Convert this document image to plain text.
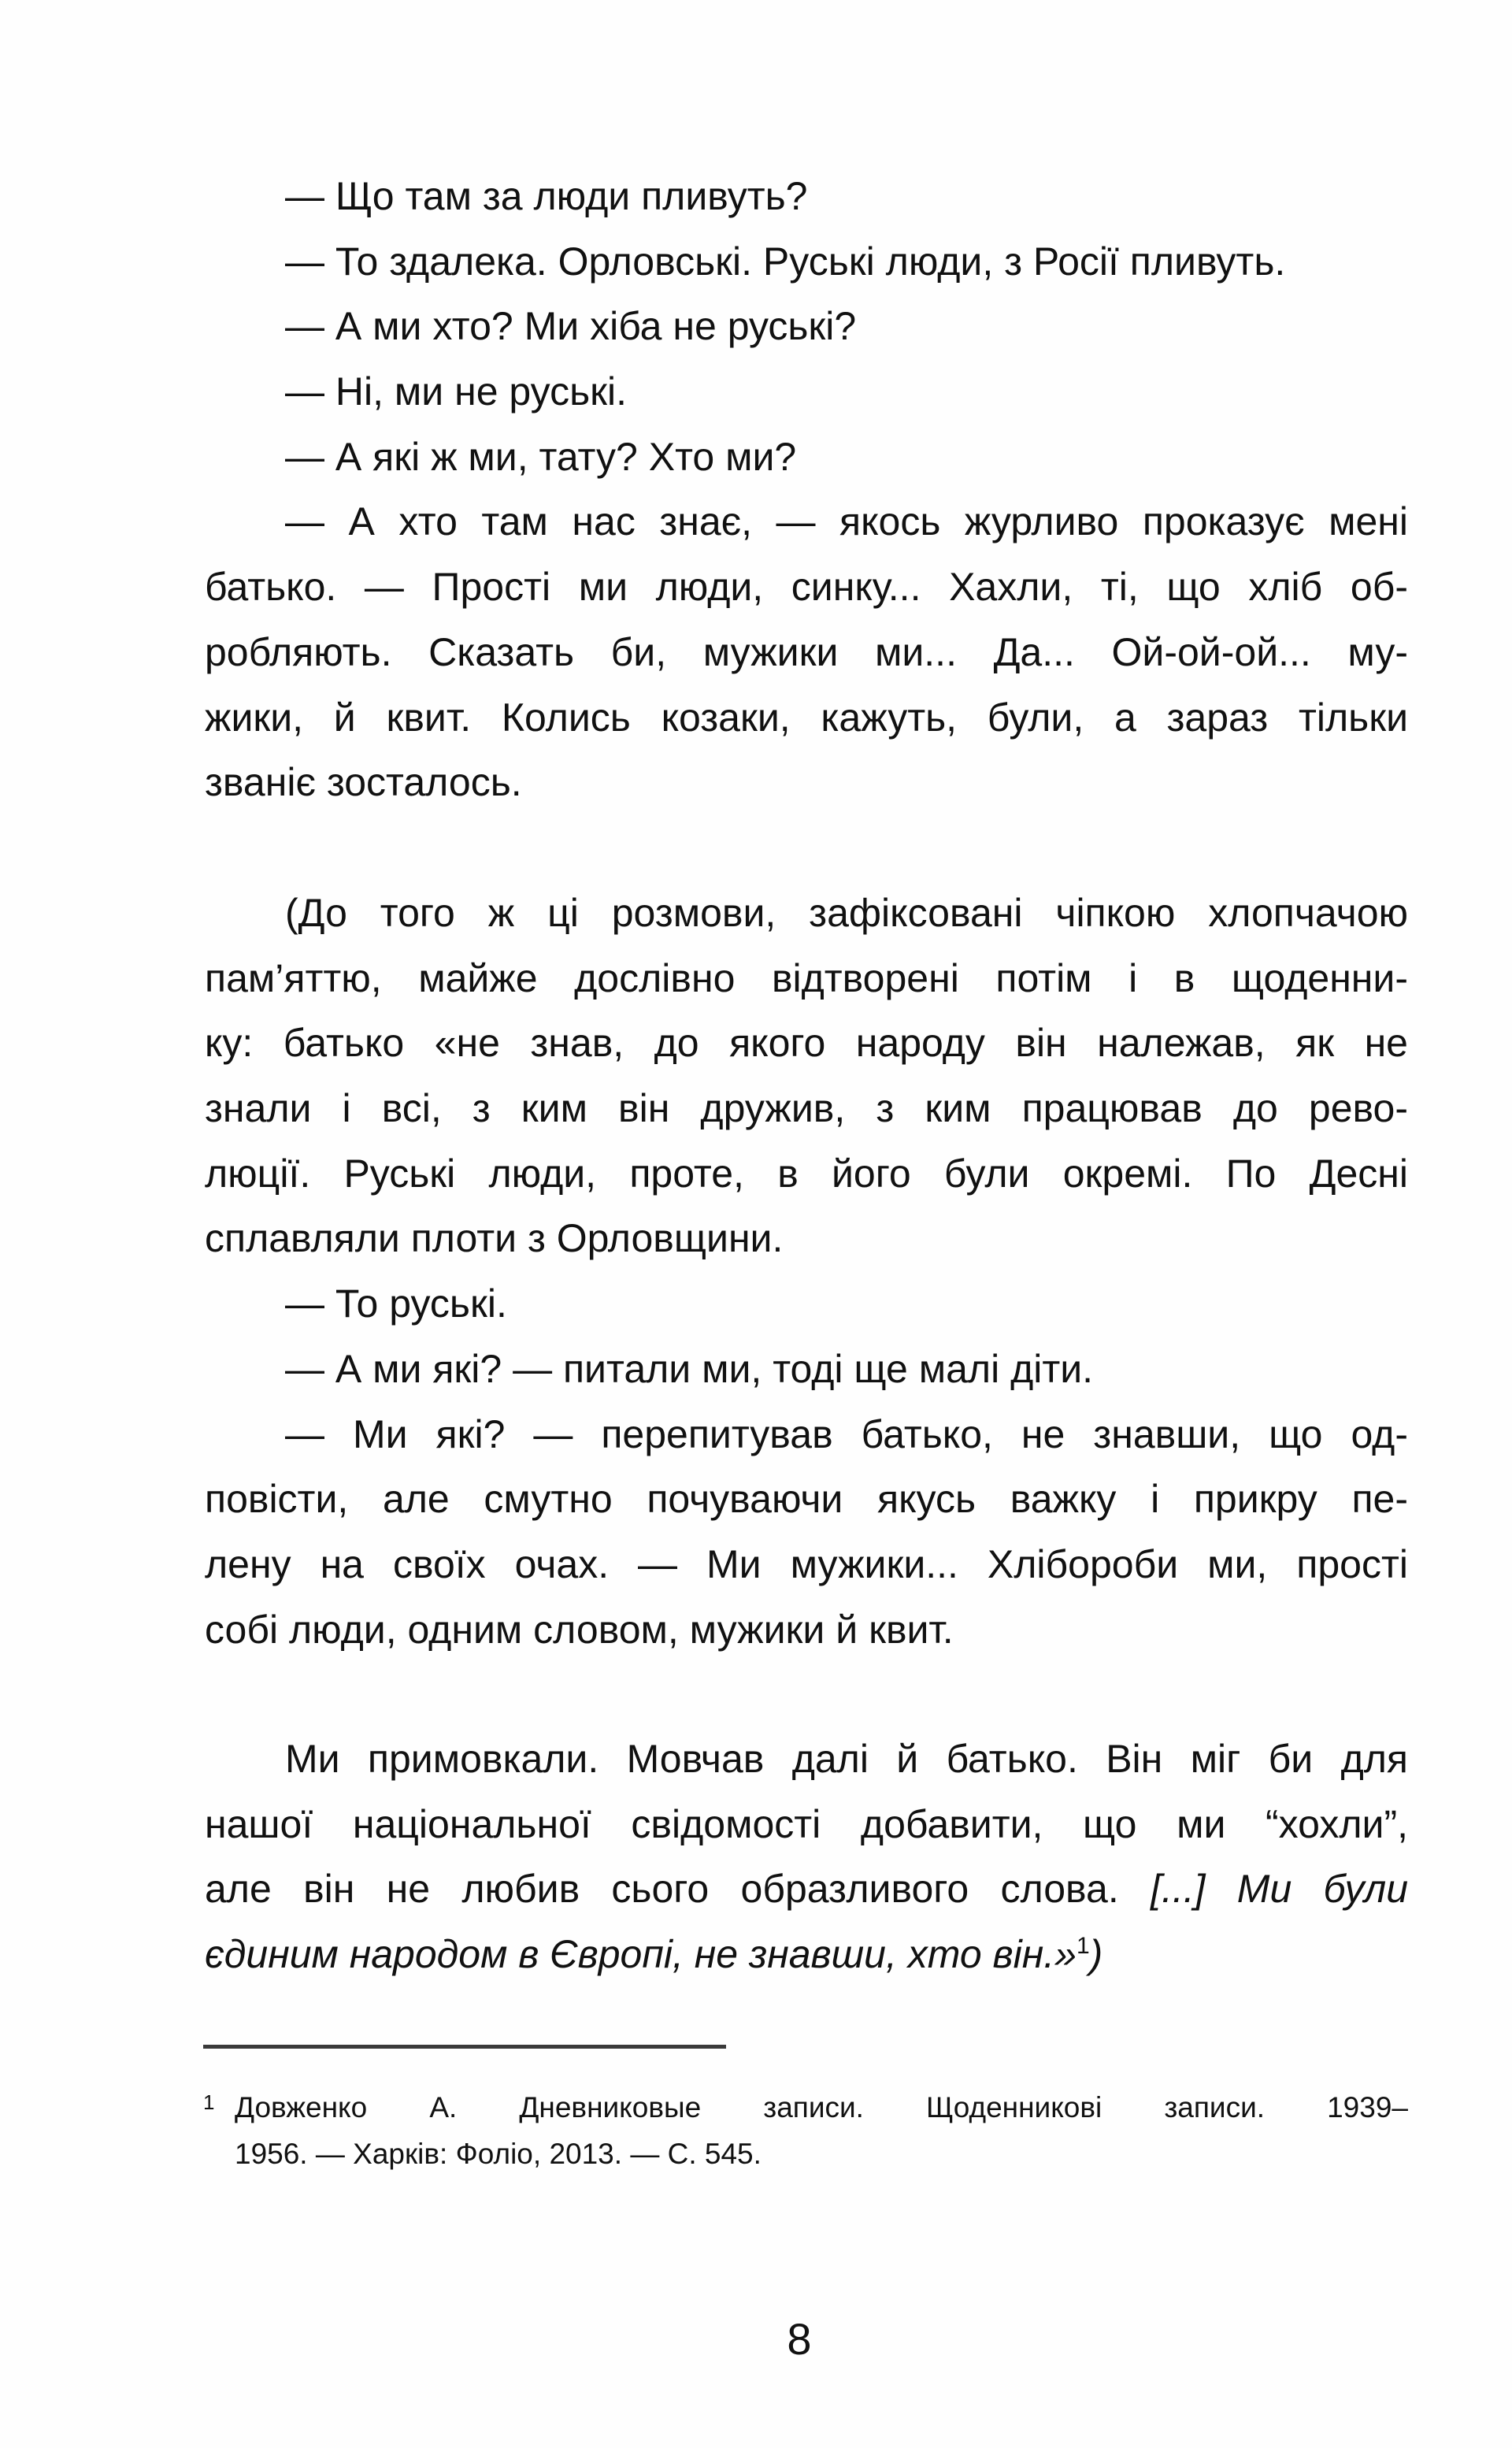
— Що там за люди пливуть?
— То здалека. Орловські. Руські люди, з Росії пливуть.
— А ми хто? Ми хіба не руські?
— Ні, ми не руські.
— А які ж ми, тату? Хто ми?
— А хто там нас знає, — якось журливо проказує мені
батько. — Прості ми люди, синку... Хахли, ті, що хліб об-
робляють. Сказать би, мужики ми... Да... Ой-ой-ой... му-
жики, й квит. Колись козаки, кажуть, були, а зараз тільки
званіє зосталось.
(До того ж ці розмови, зафіксовані чіпкою хлопчачою
пам’яттю, майже дослівно відтворені потім і в щоденни-
ку: батько «не знав, до якого народу він належав, як не
знали і всі, з ким він дружив, з ким працював до рево-
люції. Руські люди, проте, в його були окремі. По Десні
сплавляли плоти з Орловщини.
— То руські.
— А ми які? — питали ми, тоді ще малі діти.
— Ми які? — перепитував батько, не знавши, що од-
повісти, але смутно почуваючи якусь важку і прикру пе-
лену на своїх очах. — Ми мужики... Хлібороби ми, прості
собі люди, одним словом, мужики й квит.
Ми примовкали. Мовчав далі й батько. Він міг би для
нашої національної свідомості добавити, що ми “хохли”,
але він не любив сього образливого слова. [...] Ми були
єдиним народом в Європі, не знавши, хто він.»$^1$)
1 Довженко А. Дневниковые записи. Щоденникові записи. 1939–
1956. — Харків: Фоліо, 2013. — С. 545.
8
